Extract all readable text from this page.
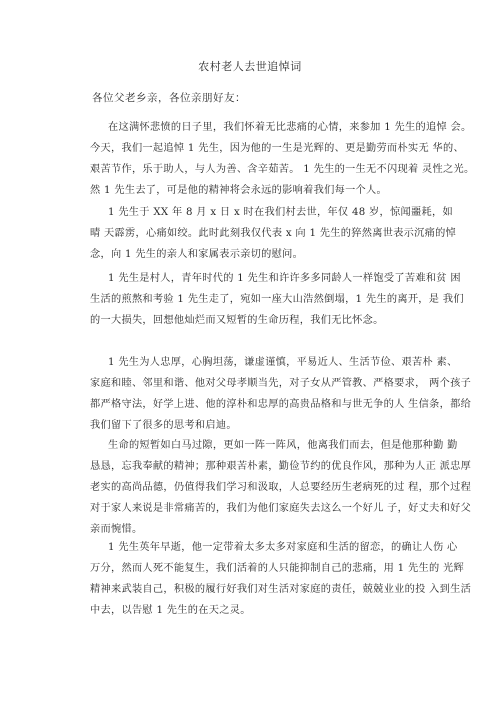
农村老人去世追悼词
各位父老乡亲，各位亲朋好友：
在这满怀悲愤的日子里，我们怀着无比悲痛的心情，来参加 1 先生的追悼 会。
今天，我们一起追悼 1 先生，因为他的一生是光辉的、更是勤劳而朴实无 华的、
艰苦节作，乐于助人，与人为善、含辛茹苦。 1 先生的一生无不闪现着 灵性之光。
然 1 先生去了，可是他的精神将会永远的影响着我们每一个人。
1 先生于 XX 年 8 月 x 日 x 时在我们村去世，年仅 48 岁，惊闻噩耗，如
晴 天霹雳，心痛如绞。此时此刻我仅代表 x 向 1 先生的猝然离世表示沉痛的悼
念，向 1 先生的亲人和家属表示亲切的慰问。
1 先生是村人，青年时代的 1 先生和许许多多同龄人一样饱受了苦难和贫 困
生活的煎熬和考验 1 先生走了，宛如一座大山浩然倒塌，1 先生的离开，是 我们
的一大损失，回想他灿烂而又短暂的生命历程，我们无比怀念。
1 先生为人忠厚，心胸坦荡，谦虚谨慎，平易近人、生活节俭、艰苦朴 素、
家庭和睦、邻里和谐、他对父母孝顺当先，对子女从严管教、严格要求， 两个孩子
都严格守法，好学上进、他的淳朴和忠厚的高贵品格和与世无争的人 生信条，都给
我们留下了很多的思考和启迪。
生命的短暂如白马过隙，更如一阵一阵风，他离我们而去，但是他那种勤 勤
恳恳，忘我奉献的精神；那种艰苦朴素，勤俭节约的优良作风，那种为人正 派忠厚
老实的高尚品德，仍值得我们学习和汲取，人总要经历生老病死的过 程，那个过程
对于家人来说是非常痛苦的，我们为他们家庭失去这么一个好儿 子，好丈夫和好父
亲而惋惜。
1 先生英年早逝，他一定带着太多太多对家庭和生活的留恋，的确让人伤 心
万分，然而人死不能复生，我们活着的人只能抑制自己的悲痛，用 1 先生的 光辉
精神来武装自己，积极的履行好我们对生活对家庭的责任，兢兢业业的投 入到生活
中去，以告慰 1 先生的在天之灵。
